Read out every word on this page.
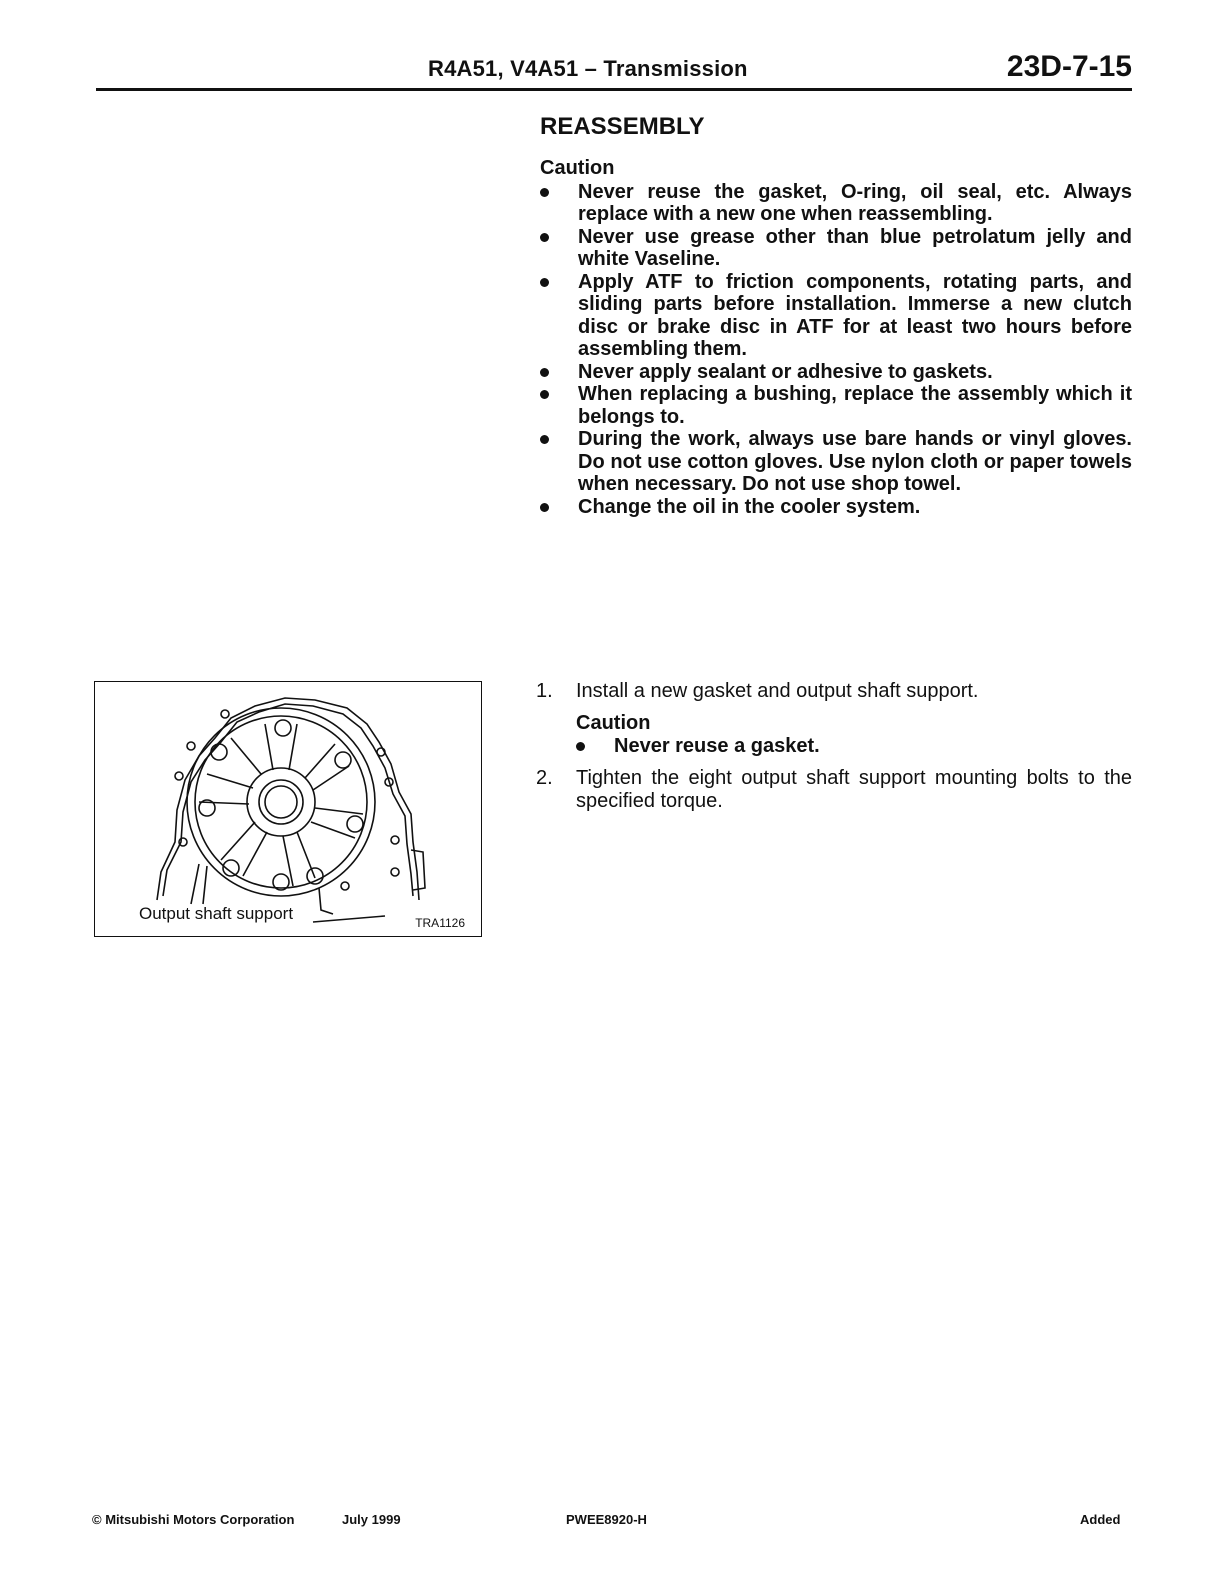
R4A51, V4A51 – Transmission	23D-7-15
REASSEMBLY
Caution
Never reuse the gasket, O-ring, oil seal, etc. Always replace with a new one when reassembling.
Never use grease other than blue petrolatum jelly and white Vaseline.
Apply ATF to friction components, rotating parts, and sliding parts before installation. Immerse a new clutch disc or brake disc in ATF for at least two hours before assembling them.
Never apply sealant or adhesive to gaskets.
When replacing a bushing, replace the assembly which it belongs to.
During the work, always use bare hands or vinyl gloves. Do not use cotton gloves. Use nylon cloth or paper towels when necessary. Do not use shop towel.
Change the oil in the cooler system.
Output shaft support	TRA1126
1. Install a new gasket and output shaft support.
Caution
Never reuse a gasket.
2. Tighten the eight output shaft support mounting bolts to the specified torque.
© Mitsubishi Motors Corporation	July 1999	PWEE8920-H	Added
